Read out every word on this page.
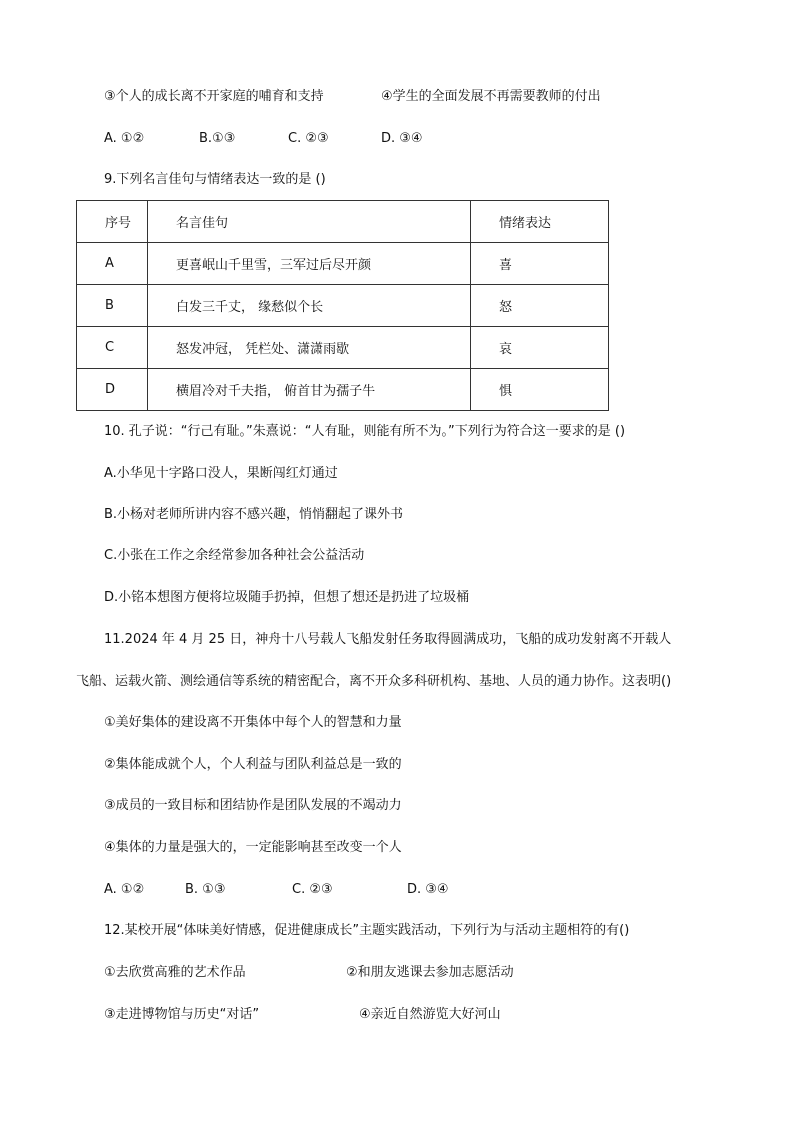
③个人的成长离不开家庭的哺育和支持	④学生的全面发展不再需要教师的付出
A. ①②	B.①③	C. ②③	D. ③④
9.下列名言佳句与情绪表达一致的是 ()
序号	名言佳句	情绪表达
A	更喜岷山千里雪，三军过后尽开颜	喜
B	白发三千丈， 缘愁似个长	怒
C	怒发冲冠， 凭栏处、潇潇雨歇	哀
D	横眉冷对千夫指， 俯首甘为孺子牛	惧
10. 孔子说：“行己有耻。”朱熹说：“人有耻，则能有所不为。”下列行为符合这一要求的是 ()
A.小华见十字路口没人，果断闯红灯通过
B.小杨对老师所讲内容不感兴趣，悄悄翻起了课外书
C.小张在工作之余经常参加各种社会公益活动
D.小铭本想图方便将垃圾随手扔掉，但想了想还是扔进了垃圾桶
11.2024 年 4 月 25 日，神舟十八号载人飞船发射任务取得圆满成功，飞船的成功发射离不开载人
飞船、运载火箭、测绘通信等系统的精密配合，离不开众多科研机构、基地、人员的通力协作。这表明()
①美好集体的建设离不开集体中每个人的智慧和力量
②集体能成就个人，个人利益与团队利益总是一致的
③成员的一致目标和团结协作是团队发展的不竭动力
④集体的力量是强大的，一定能影响甚至改变一个人
A. ①②	B. ①③	C. ②③	D. ③④
12.某校开展“体味美好情感，促进健康成长”主题实践活动，下列行为与活动主题相符的有()
①去欣赏高雅的艺术作品	②和朋友逃课去参加志愿活动
③走进博物馆与历史“对话”	④亲近自然游览大好河山
